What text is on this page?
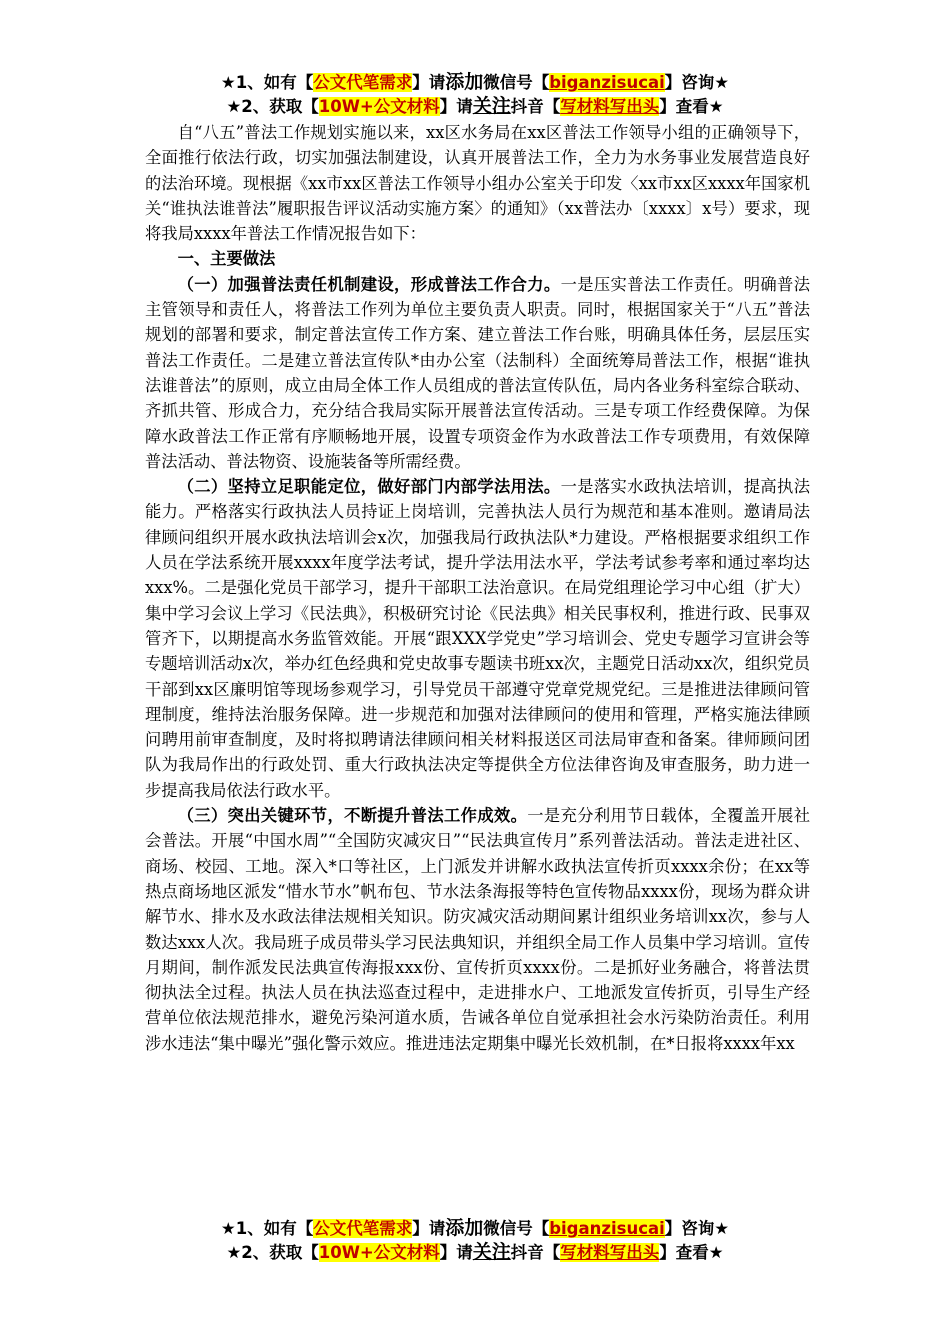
★1、如有【公文代笔需求】请添加微信号【biganzisucai】咨询★
★2、获取【10W+公文材料】请关注抖音【写材料写出头】查看★

自“八五”普法工作规划实施以来，xx区水务局在xx区普法工作领导小组的正确领导下，全面推行依法行政，切实加强法制建设，认真开展普法工作，全力为水务事业发展营造良好的法治环境。现根据《xx市xx区普法工作领导小组办公室关于印发〈xx市xx区xxxx年国家机关“谁执法谁普法”履职报告评议活动实施方案〉的通知》（xx普法办〔xxxx〕x号）要求，现将我局xxxx年普法工作情况报告如下：

一、主要做法

（一）加强普法责任机制建设，形成普法工作合力。一是压实普法工作责任。明确普法主管领导和责任人，将普法工作列为单位主要负责人职责。同时，根据国家关于“八五”普法规划的部署和要求，制定普法宣传工作方案、建立普法工作台账，明确具体任务，层层压实普法工作责任。二是建立普法宣传队*由办公室（法制科）全面统筹局普法工作，根据“谁执法谁普法”的原则，成立由局全体工作人员组成的普法宣传队伍，局内各业务科室综合联动、齐抓共管、形成合力，充分结合我局实际开展普法宣传活动。三是专项工作经费保障。为保障水政普法工作正常有序顺畅地开展，设置专项资金作为水政普法工作专项费用，有效保障普法活动、普法物资、设施装备等所需经费。

（二）坚持立足职能定位，做好部门内部学法用法。一是落实水政执法培训，提高执法能力。严格落实行政执法人员持证上岗培训，完善执法人员行为规范和基本准则。邀请局法律顾问组织开展水政执法培训会x次，加强我局行政执法队*力建设。严格根据要求组织工作人员在学法系统开展xxxx年度学法考试，提升学法用法水平，学法考试参考率和通过率均达xxx%。二是强化党员干部学习，提升干部职工法治意识。在局党组理论学习中心组（扩大）集中学习会议上学习《民法典》，积极研究讨论《民法典》相关民事权利，推进行政、民事双管齐下，以期提高水务监管效能。开展“跟XXX学党史”学习培训会、党史专题学习宣讲会等专题培训活动x次，举办红色经典和党史故事专题读书班xx次，主题党日活动xx次，组织党员干部到xx区廉明馆等现场参观学习，引导党员干部遵守党章党规党纪。三是推进法律顾问管理制度，维持法治服务保障。进一步规范和加强对法律顾问的使用和管理，严格实施法律顾问聘用前审查制度，及时将拟聘请法律顾问相关材料报送区司法局审查和备案。律师顾问团队为我局作出的行政处罚、重大行政执法决定等提供全方位法律咨询及审查服务，助力进一步提高我局依法行政水平。

（三）突出关键环节，不断提升普法工作成效。一是充分利用节日载体，全覆盖开展社会普法。开展“中国水周”“全国防灾减灾日”“民法典宣传月”系列普法活动。普法走进社区、商场、校园、工地。深入*口等社区，上门派发并讲解水政执法宣传折页xxxx余份；在xx等热点商场地区派发“惜水节水”帆布包、节水法条海报等特色宣传物品xxxx份，现场为群众讲解节水、排水及水政法律法规相关知识。防灾减灾活动期间累计组织业务培训xx次，参与人数达xxx人次。我局班子成员带头学习民法典知识，并组织全局工作人员集中学习培训。宣传月期间，制作派发民法典宣传海报xxx份、宣传折页xxxx份。二是抓好业务融合，将普法贯彻执法全过程。执法人员在执法巡查过程中，走进排水户、工地派发宣传折页，引导生产经营单位依法规范排水，避免污染河道水质，告诫各单位自觉承担社会水污染防治责任。利用涉水违法“集中曝光”强化警示效应。推进违法定期集中曝光长效机制，在*日报将xxxx年xx

★1、如有【公文代笔需求】请添加微信号【biganzisucai】咨询★
★2、获取【10W+公文材料】请关注抖音【写材料写出头】查看★
